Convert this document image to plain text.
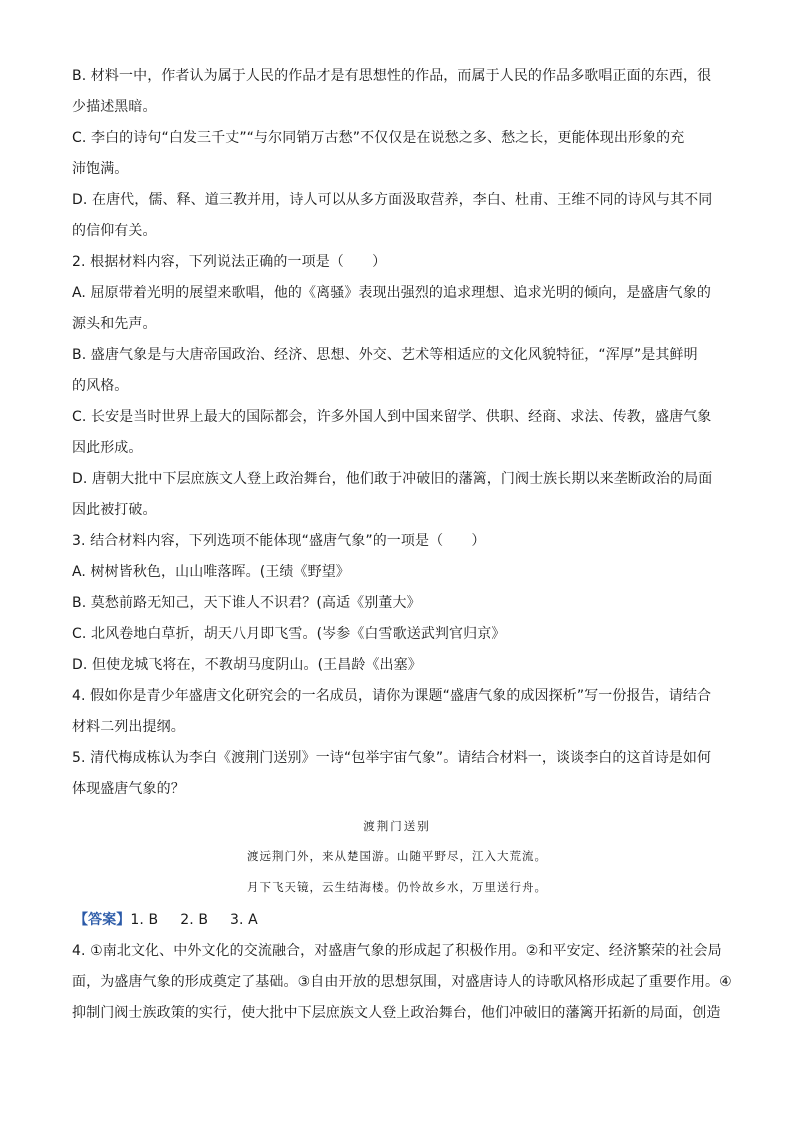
B. 材料一中，作者认为属于人民的作品才是有思想性的作品，而属于人民的作品多歌唱正面的东西，很
少描述黑暗。
C. 李白的诗句“白发三千丈”“与尔同销万古愁”不仅仅是在说愁之多、愁之长，更能体现出形象的充
沛饱满。
D. 在唐代，儒、释、道三教并用，诗人可以从多方面汲取营养，李白、杜甫、王维不同的诗风与其不同
的信仰有关。
2. 根据材料内容，下列说法正确的一项是（　　）
A. 屈原带着光明的展望来歌唱，他的《离骚》表现出强烈的追求理想、追求光明的倾向，是盛唐气象的
源头和先声。
B. 盛唐气象是与大唐帝国政治、经济、思想、外交、艺术等相适应的文化风貌特征，“浑厚”是其鲜明
的风格。
C. 长安是当时世界上最大的国际都会，许多外国人到中国来留学、供职、经商、求法、传教，盛唐气象
因此形成。
D. 唐朝大批中下层庶族文人登上政治舞台，他们敢于冲破旧的藩篱，门阀士族长期以来垄断政治的局面
因此被打破。
3. 结合材料内容，下列选项不能体现“盛唐气象”的一项是（　　）
A. 树树皆秋色，山山唯落晖。(王绩《野望》
B. 莫愁前路无知己，天下谁人不识君？(高适《别董大》
C. 北风卷地白草折，胡天八月即飞雪。(岑参《白雪歌送武判官归京》
D. 但使龙城飞将在，不教胡马度阴山。(王昌龄《出塞》
4. 假如你是青少年盛唐文化研究会的一名成员，请你为课题“盛唐气象的成因探析”写一份报告，请结合
材料二列出提纲。
5. 清代梅成栋认为李白《渡荆门送别》一诗“包举宇宙气象”。请结合材料一，谈谈李白的这首诗是如何
体现盛唐气象的？
渡荆门送别
渡远荆门外，来从楚国游。山随平野尽，江入大荒流。
月下飞天镜，云生结海楼。仍怜故乡水，万里送行舟。
【答案】1. B 2. B 3. A
4. ①南北文化、中外文化的交流融合，对盛唐气象的形成起了积极作用。②和平安定、经济繁荣的社会局
面，为盛唐气象的形成奠定了基础。③自由开放的思想氛围，对盛唐诗人的诗歌风格形成起了重要作用。④
抑制门阀士族政策的实行，使大批中下层庶族文人登上政治舞台，他们冲破旧的藩篱开拓新的局面，创造
